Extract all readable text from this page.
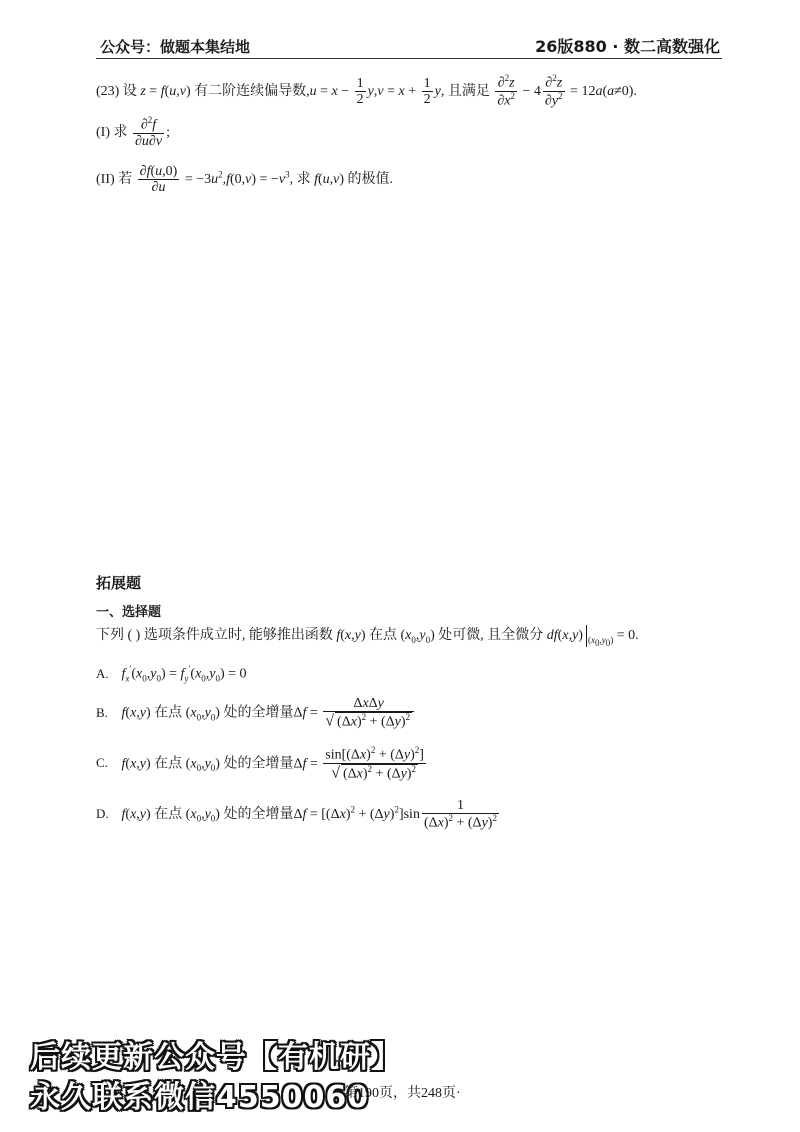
公众号：做题本集结地	26版880 · 数二高数强化
(23) 设 z = f(u,v) 有二阶连续偏导数$,u = x - \frac{1}{2} y,v = x + \frac{1}{2} y$, 且满足 $\frac{\partial^2z}{\partial x^2} - 4 \frac{\partial^2z}{\partial y^2} = 12a(a\ne 0)$.
(I) 求 $\frac{\partial^2f}{\partial u\partial v}$ ;
(II) 若 $\frac{\partial f(u,0)}{\partial u} = -3u^2,f(0,v) = -v^3$, 求 f(u,v) 的极值.
拓展题
一、选择题
下列 ( ) 选项条件成立时, 能够推出函数 f(x,y) 在点 $(x_0,y_0)$ 处可微, 且全微分 df(x,y) $_{(x_0,y_0)}$ = 0.
A. $f_x'(x_0,y_0) = f_y'(x_0,y_0) = 0$
B. f(x,y) 在点 $(x_0,y_0)$ 处的全增量$\Delta f = \frac{\text{ΔxΔy}}{√ (\Delta x)^2 + (\Delta y)^2}$
C. f(x,y) 在点 $(x_0,y_0)$ 处的全增量$\Delta f = \frac{\sin[(\Delta x)^2 + (\Delta y)^2]}{√ (\Delta x)^2 + (\Delta y)^2}$
D. f(x,y) 在点 $(x_0,y_0)$ 处的全增量$\Delta f = [(\Delta x)^2 + (\Delta y)^2]\sin \frac{1}{(\Delta x)^2 + (\Delta y)^2}$
后续更新公众号【有机研】
永久联系微信4550060
第190页，共248页·
